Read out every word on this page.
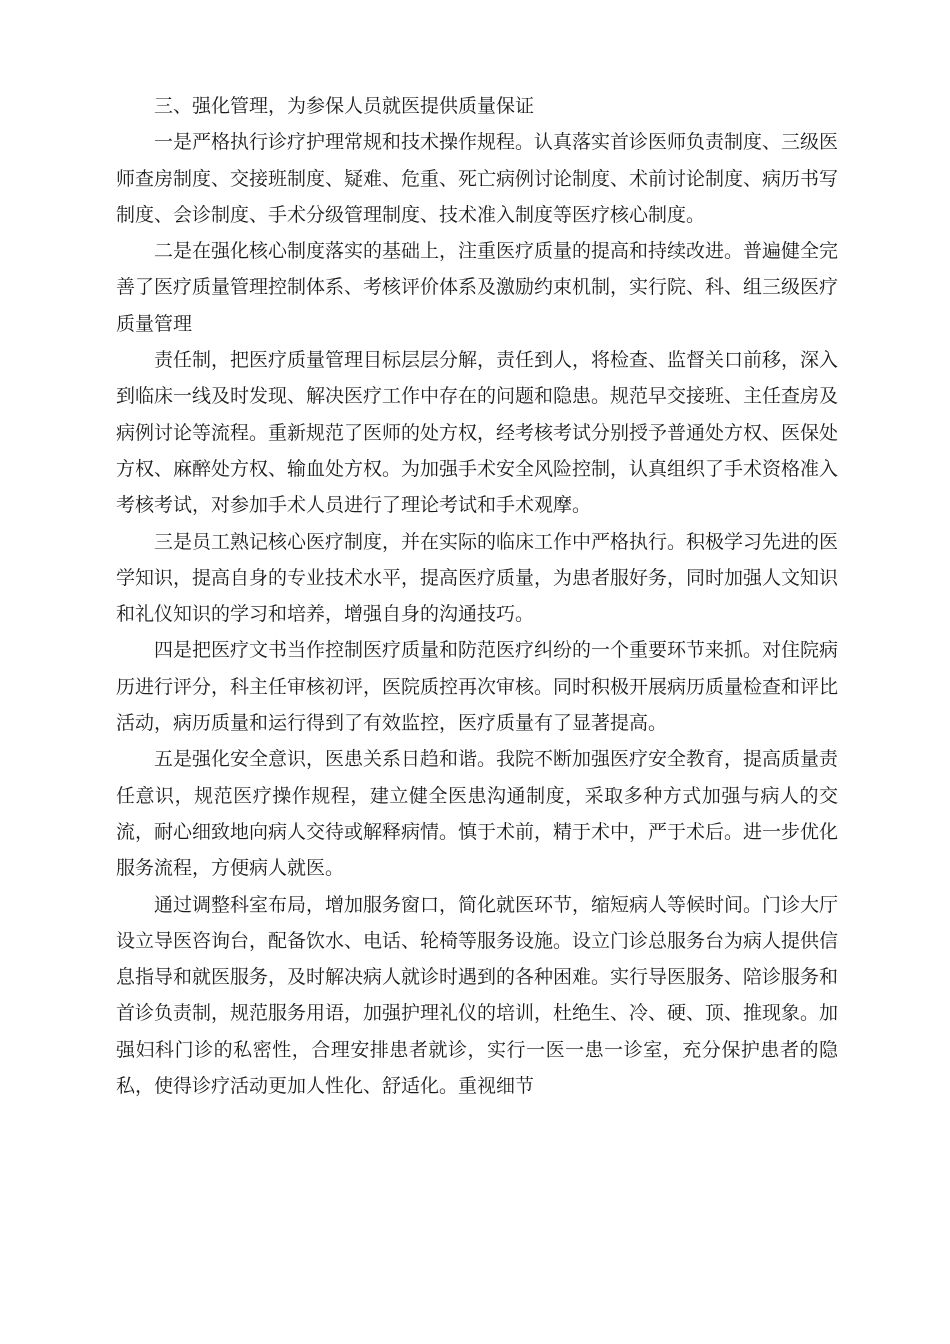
三、强化管理，为参保人员就医提供质量保证

一是严格执行诊疗护理常规和技术操作规程。认真落实首诊医师负责制度、三级医师查房制度、交接班制度、疑难、危重、死亡病例讨论制度、术前讨论制度、病历书写制度、会诊制度、手术分级管理制度、技术准入制度等医疗核心制度。

二是在强化核心制度落实的基础上，注重医疗质量的提高和持续改进。普遍健全完善了医疗质量管理控制体系、考核评价体系及激励约束机制，实行院、科、组三级医疗质量管理

责任制，把医疗质量管理目标层层分解，责任到人，将检查、监督关口前移，深入到临床一线及时发现、解决医疗工作中存在的问题和隐患。规范早交接班、主任查房及病例讨论等流程。重新规范了医师的处方权，经考核考试分别授予普通处方权、医保处方权、麻醉处方权、输血处方权。为加强手术安全风险控制，认真组织了手术资格准入考核考试，对参加手术人员进行了理论考试和手术观摩。

三是员工熟记核心医疗制度，并在实际的临床工作中严格执行。积极学习先进的医学知识，提高自身的专业技术水平，提高医疗质量，为患者服好务，同时加强人文知识和礼仪知识的学习和培养，增强自身的沟通技巧。

四是把医疗文书当作控制医疗质量和防范医疗纠纷的一个重要环节来抓。对住院病历进行评分，科主任审核初评，医院质控再次审核。同时积极开展病历质量检查和评比活动，病历质量和运行得到了有效监控，医疗质量有了显著提高。

五是强化安全意识，医患关系日趋和谐。我院不断加强医疗安全教育，提高质量责任意识，规范医疗操作规程，建立健全医患沟通制度，采取多种方式加强与病人的交流，耐心细致地向病人交待或解释病情。慎于术前，精于术中，严于术后。进一步优化服务流程，方便病人就医。

通过调整科室布局，增加服务窗口，简化就医环节，缩短病人等候时间。门诊大厅设立导医咨询台，配备饮水、电话、轮椅等服务设施。设立门诊总服务台为病人提供信息指导和就医服务，及时解决病人就诊时遇到的各种困难。实行导医服务、陪诊服务和首诊负责制，规范服务用语，加强护理礼仪的培训，杜绝生、冷、硬、顶、推现象。加强妇科门诊的私密性，合理安排患者就诊，实行一医一患一诊室，充分保护患者的隐私，使得诊疗活动更加人性化、舒适化。重视细节
